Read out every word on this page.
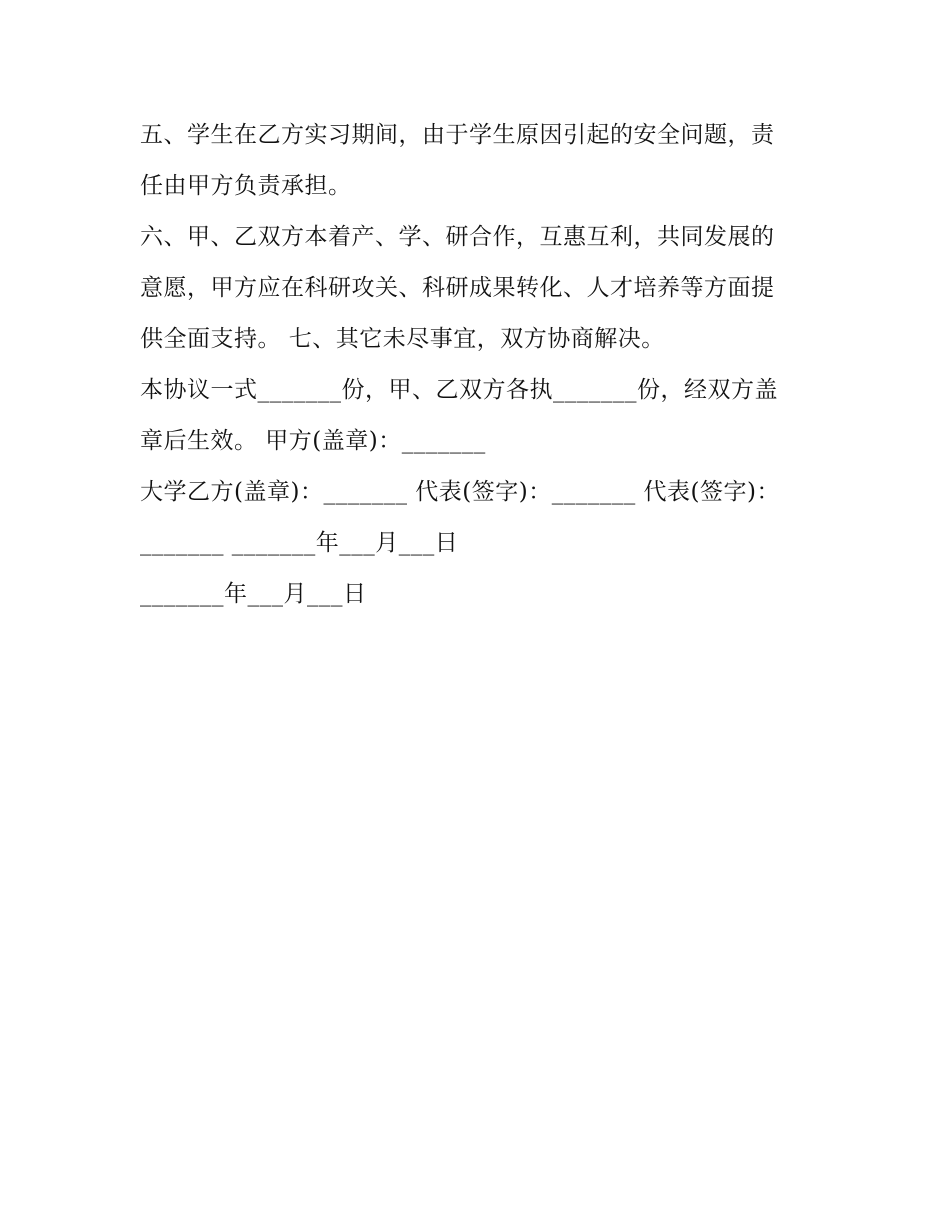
五、学生在乙方实习期间，由于学生原因引起的安全问题，责
任由甲方负责承担。
六、甲、乙双方本着产、学、研合作，互惠互利，共同发展的
意愿，甲方应在科研攻关、科研成果转化、人才培养等方面提
供全面支持。 七、其它未尽事宜，双方协商解决。
本协议一式_______份，甲、乙双方各执_______份，经双方盖
章后生效。 甲方(盖章)：_______
大学乙方(盖章)：_______ 代表(签字)：_______ 代表(签字)：
_______ _______年___月___日
_______年___月___日
